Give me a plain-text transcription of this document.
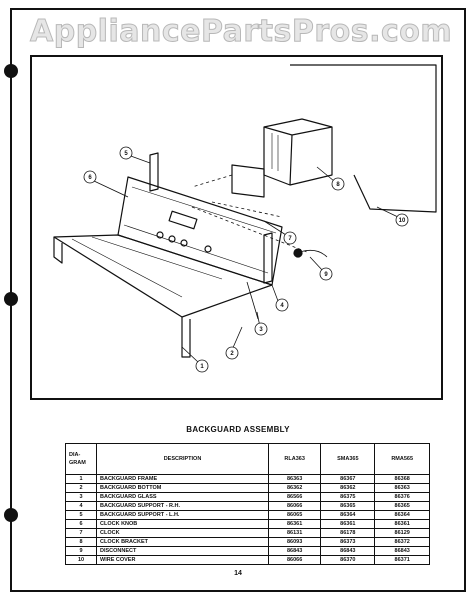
AppliancePartsPros.com
1
2
3
4
5
6
7
8
9
10
BACKGUARD ASSEMBLY
DIA-GRAM	DESCRIPTION	RLA363	SMA365	RMA565
1	BACKGUARD FRAME	86363	86367	86368
2	BACKGUARD BOTTOM	86362	86362	86363
3	BACKGUARD GLASS	86566	86375	86376
4	BACKGUARD SUPPORT - R.H.	86066	86365	86365
5	BACKGUARD SUPPORT - L.H.	86065	86364	86364
6	CLOCK KNOB	86361	86361	86361
7	CLOCK	86131	86178	86129
8	CLOCK BRACKET	86093	86373	86372
9	DISCONNECT	86843	86843	86843
10	WIRE COVER	86066	86370	86371
14
